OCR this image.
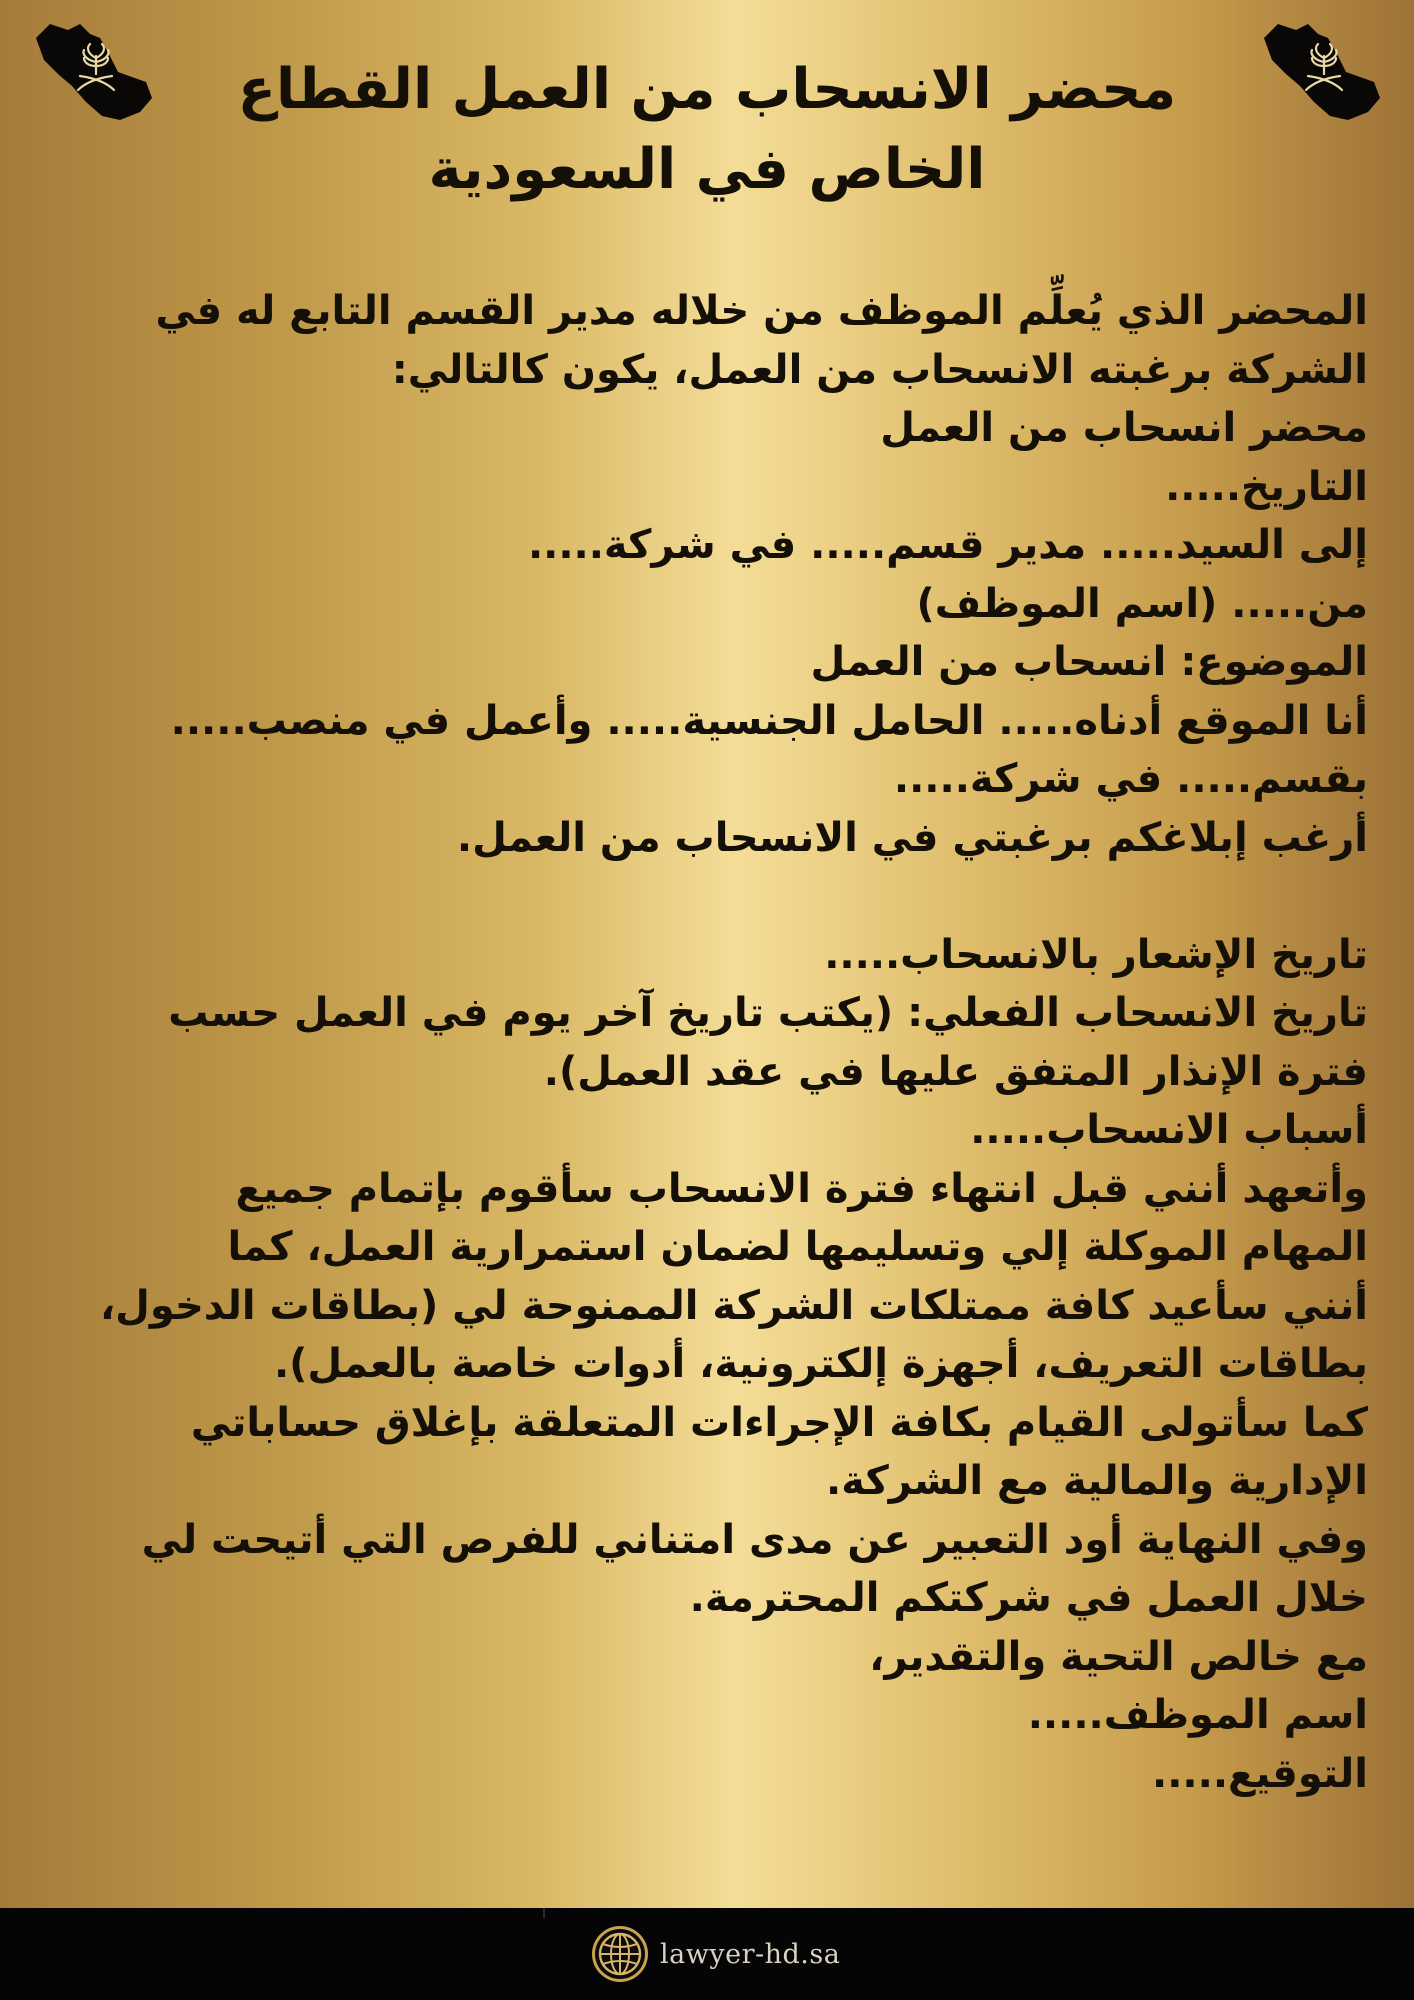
محضر الانسحاب من العمل القطاع
الخاص في السعودية
المحضر الذي يُعلِّم الموظف من خلاله مدير القسم التابع له في
الشركة برغبته الانسحاب من العمل، يكون كالتالي:
محضر انسحاب من العمل
التاريخ.....
إلى السيد..... مدير قسم..... في شركة.....
من..... (اسم الموظف)
الموضوع: انسحاب من العمل
أنا الموقع أدناه..... الحامل الجنسية..... وأعمل في منصب.....
بقسم..... في شركة.....
أرغب إبلاغكم برغبتي في الانسحاب من العمل.
تاريخ الإشعار بالانسحاب.....
تاريخ الانسحاب الفعلي: (يكتب تاريخ آخر يوم في العمل حسب
فترة الإنذار المتفق عليها في عقد العمل).
أسباب الانسحاب.....
وأتعهد أنني قبل انتهاء فترة الانسحاب سأقوم بإتمام جميع
المهام الموكلة إلي وتسليمها لضمان استمرارية العمل، كما
أنني سأعيد كافة ممتلكات الشركة الممنوحة لي (بطاقات الدخول،
بطاقات التعريف، أجهزة إلكترونية، أدوات خاصة بالعمل).
كما سأتولى القيام بكافة الإجراءات المتعلقة بإغلاق حساباتي
الإدارية والمالية مع الشركة.
وفي النهاية أود التعبير عن مدى امتناني للفرص التي أتيحت لي
خلال العمل في شركتكم المحترمة.
مع خالص التحية والتقدير،
اسم الموظف.....
التوقيع.....
lawyer-hd.sa
